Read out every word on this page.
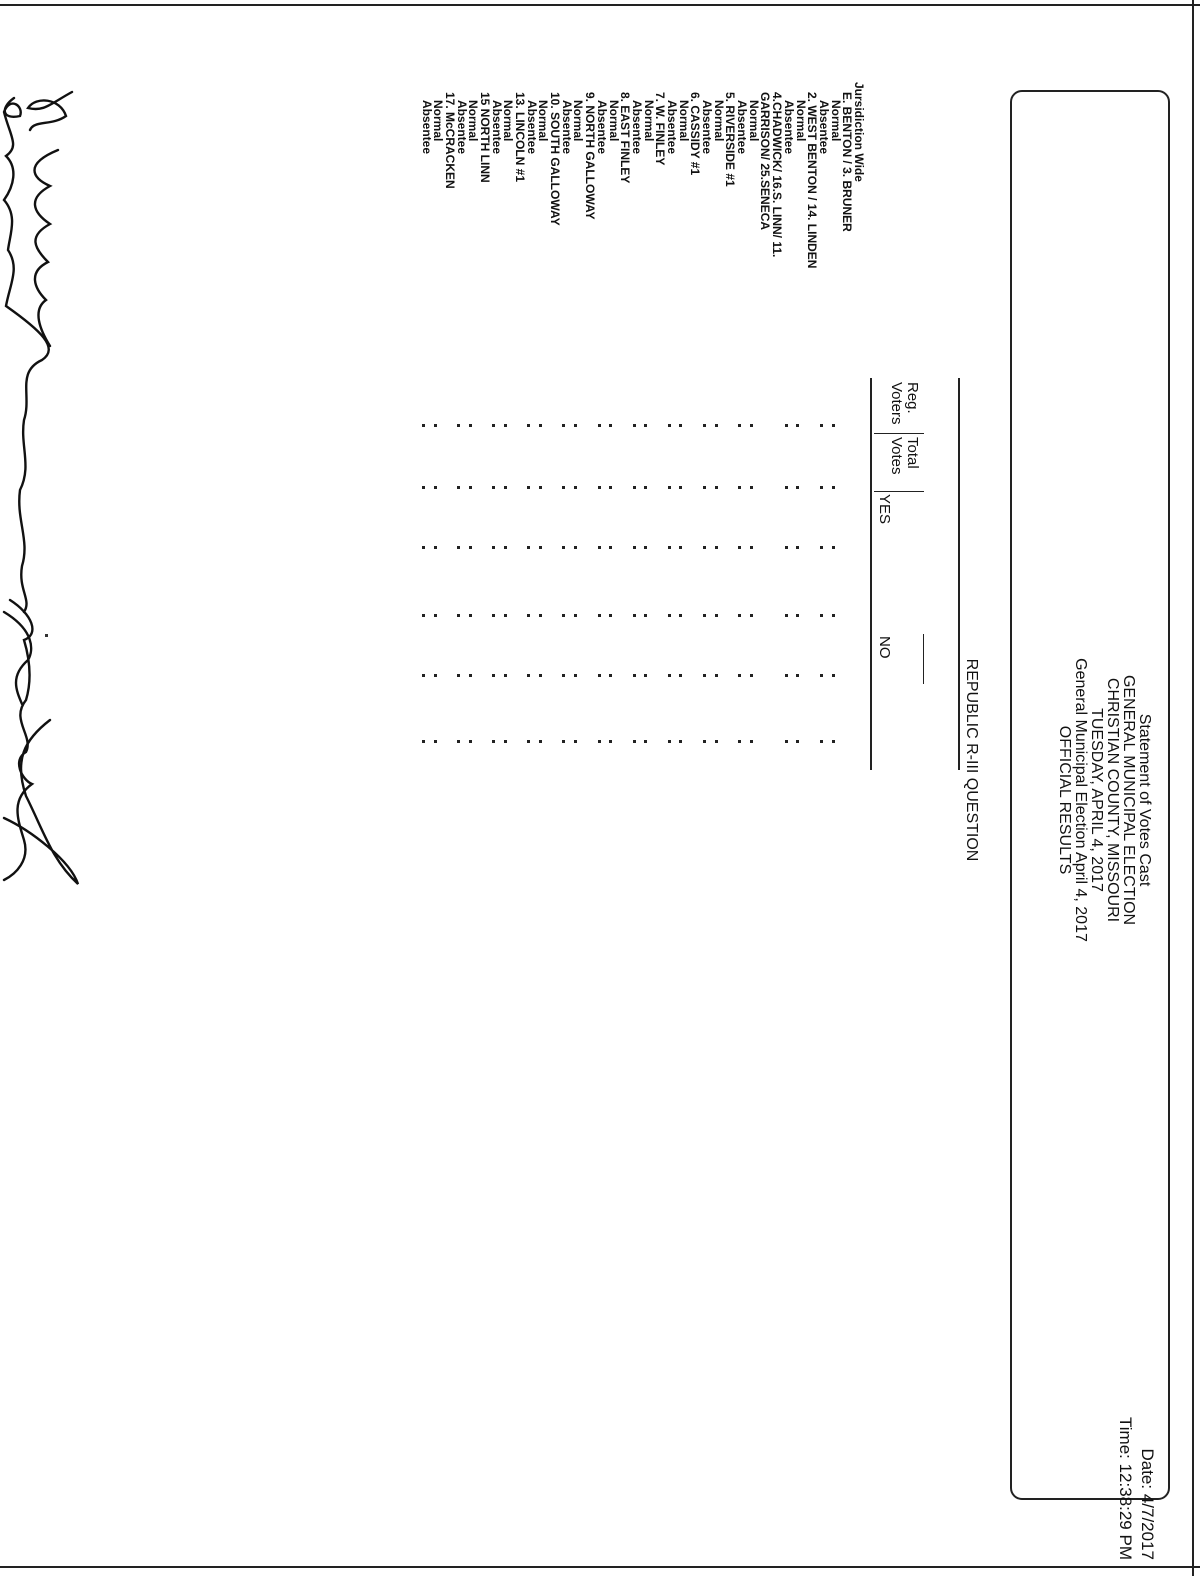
Statement of Votes Cast
GENERAL MUNICIPAL ELECTION
CHRISTIAN COUNTY, MISSOURI
TUESDAY, APRIL 4, 2017
General Municipal Election April 4, 2017
OFFICIAL RESULTS
Date: 4/7/2017
Time: 12:38:29 PM
REPUBLIC R-III QUESTION
Reg.
Voters
Total
Votes
YES
NO
Jursidiction Wide
E. BENTON / 3. BRUNER
Normal
Absentee
2. WEST BENTON / 14. LINDEN
Normal
Absentee
4.CHADWICK/ 16.S. LINN/ 11.
GARRISON/ 25.SENECA
Normal
Absentee
5. RIVERSIDE #1
Normal
Absentee
6. CASSIDY #1
Normal
Absentee
7. W. FINLEY
Normal
Absentee
8. EAST FINLEY
Normal
Absentee
9. NORTH GALLOWAY
Normal
Absentee
10. SOUTH GALLOWAY
Normal
Absentee
13. LINCOLN #1
Normal
Absentee
15 NORTH LINN
Normal
Absentee
17. McCRACKEN
Normal
Absentee
